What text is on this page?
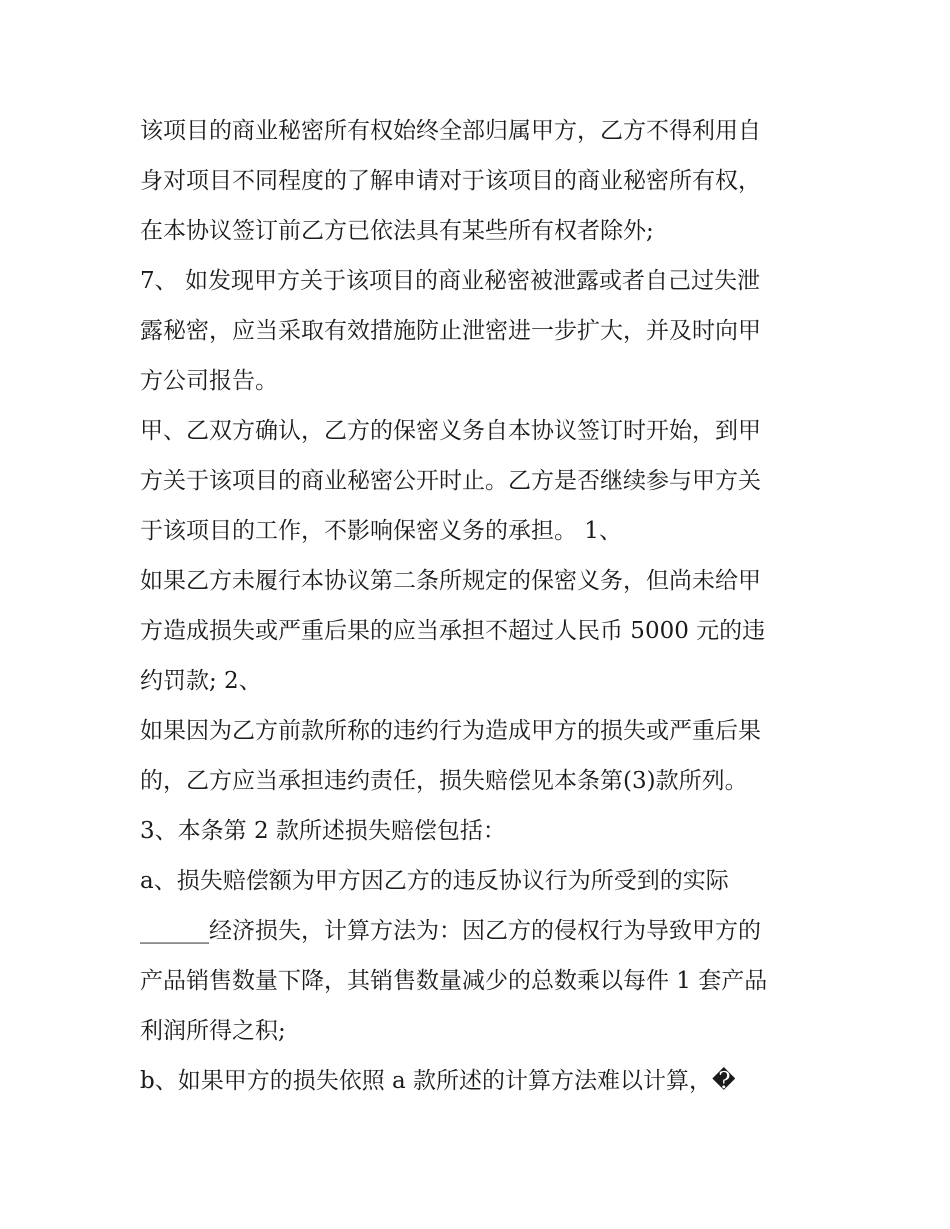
该项目的商业秘密所有权始终全部归属甲方，乙方不得利用自
身对项目不同程度的了解申请对于该项目的商业秘密所有权，
在本协议签订前乙方已依法具有某些所有权者除外;
7、 如发现甲方关于该项目的商业秘密被泄露或者自己过失泄
露秘密，应当采取有效措施防止泄密进一步扩大，并及时向甲
方公司报告。
甲、乙双方确认，乙方的保密义务自本协议签订时开始，到甲
方关于该项目的商业秘密公开时止。乙方是否继续参与甲方关
于该项目的工作，不影响保密义务的承担。 1、
如果乙方未履行本协议第二条所规定的保密义务，但尚未给甲
方造成损失或严重后果的应当承担不超过人民币 5000 元的违
约罚款; 2、
如果因为乙方前款所称的违约行为造成甲方的损失或严重后果
的，乙方应当承担违约责任，损失赔偿见本条第(3)款所列。
3、本条第 2 款所述损失赔偿包括：
a、损失赔偿额为甲方因乙方的违反协议行为所受到的实际
______经济损失，计算方法为：因乙方的侵权行为导致甲方的
产品销售数量下降，其销售数量减少的总数乘以每件 1 套产品
利润所得之积;
b、如果甲方的损失依照 a 款所述的计算方法难以计算，�
